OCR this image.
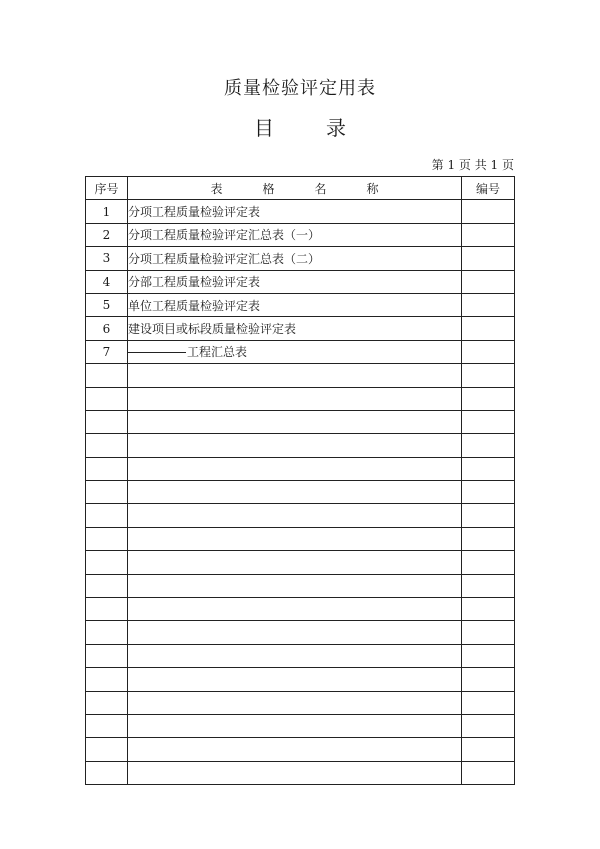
质量检验评定用表
目	录
第 1 页 共 1 页
序号	表 格 名 称	编号
1	分项工程质量检验评定表	
2	分项工程质量检验评定汇总表（一）	
3	分项工程质量检验评定汇总表（二）	
4	分部工程质量检验评定表	
5	单位工程质量检验评定表	
6	建设项目或标段质量检验评定表	
7	工程汇总表	
